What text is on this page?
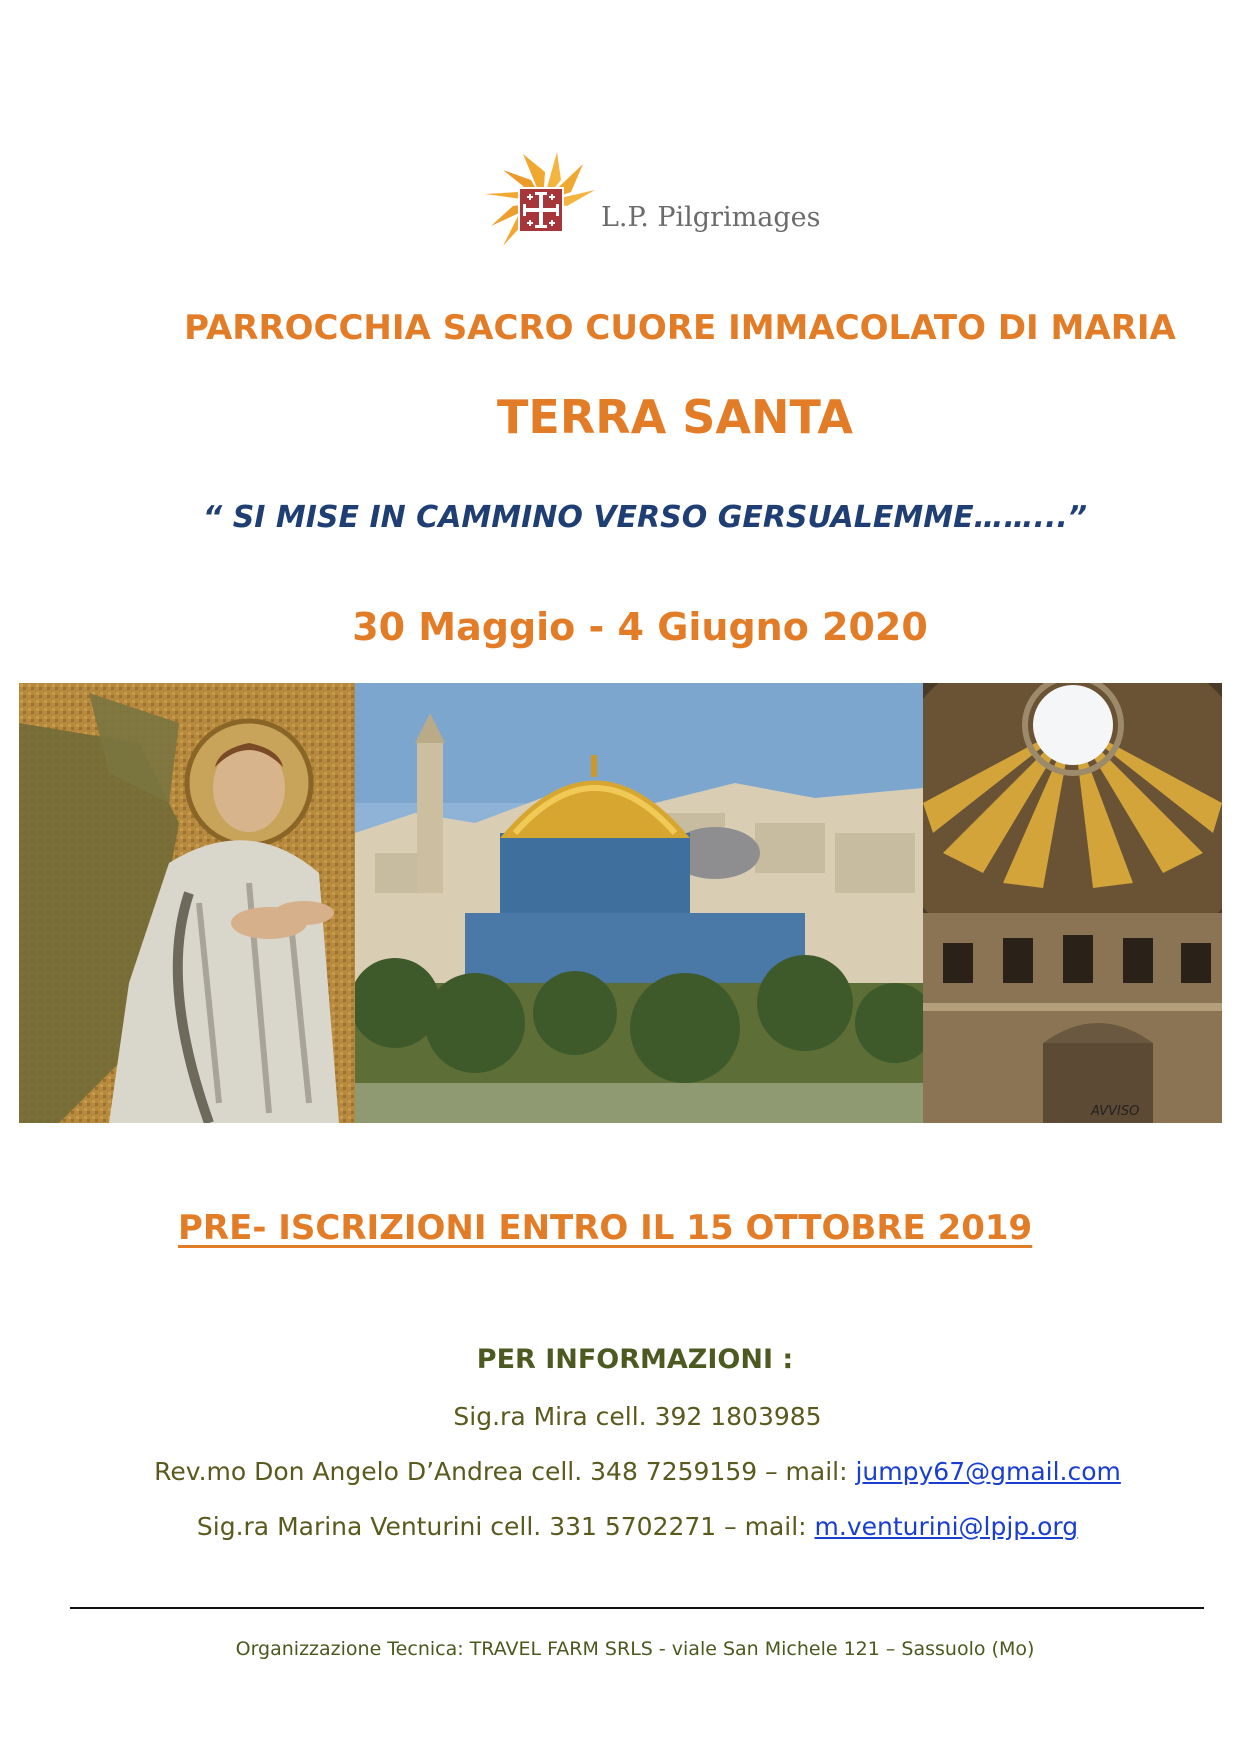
L.P. Pilgrimages
PARROCCHIA SACRO CUORE IMMACOLATO DI MARIA
TERRA SANTA
“ SI MISE IN CAMMINO VERSO GERSUALEMME……...”
30 Maggio - 4 Giugno 2020
AVVISO
PRE- ISCRIZIONI ENTRO IL 15 OTTOBRE 2019
PER INFORMAZIONI :
Sig.ra Mira cell. 392 1803985
Rev.mo Don Angelo D’Andrea cell. 348 7259159 – mail: jumpy67@gmail.com
Sig.ra Marina Venturini cell. 331 5702271 – mail: m.venturini@lpjp.org
Organizzazione Tecnica: TRAVEL FARM SRLS - viale San Michele 121 – Sassuolo (Mo)
